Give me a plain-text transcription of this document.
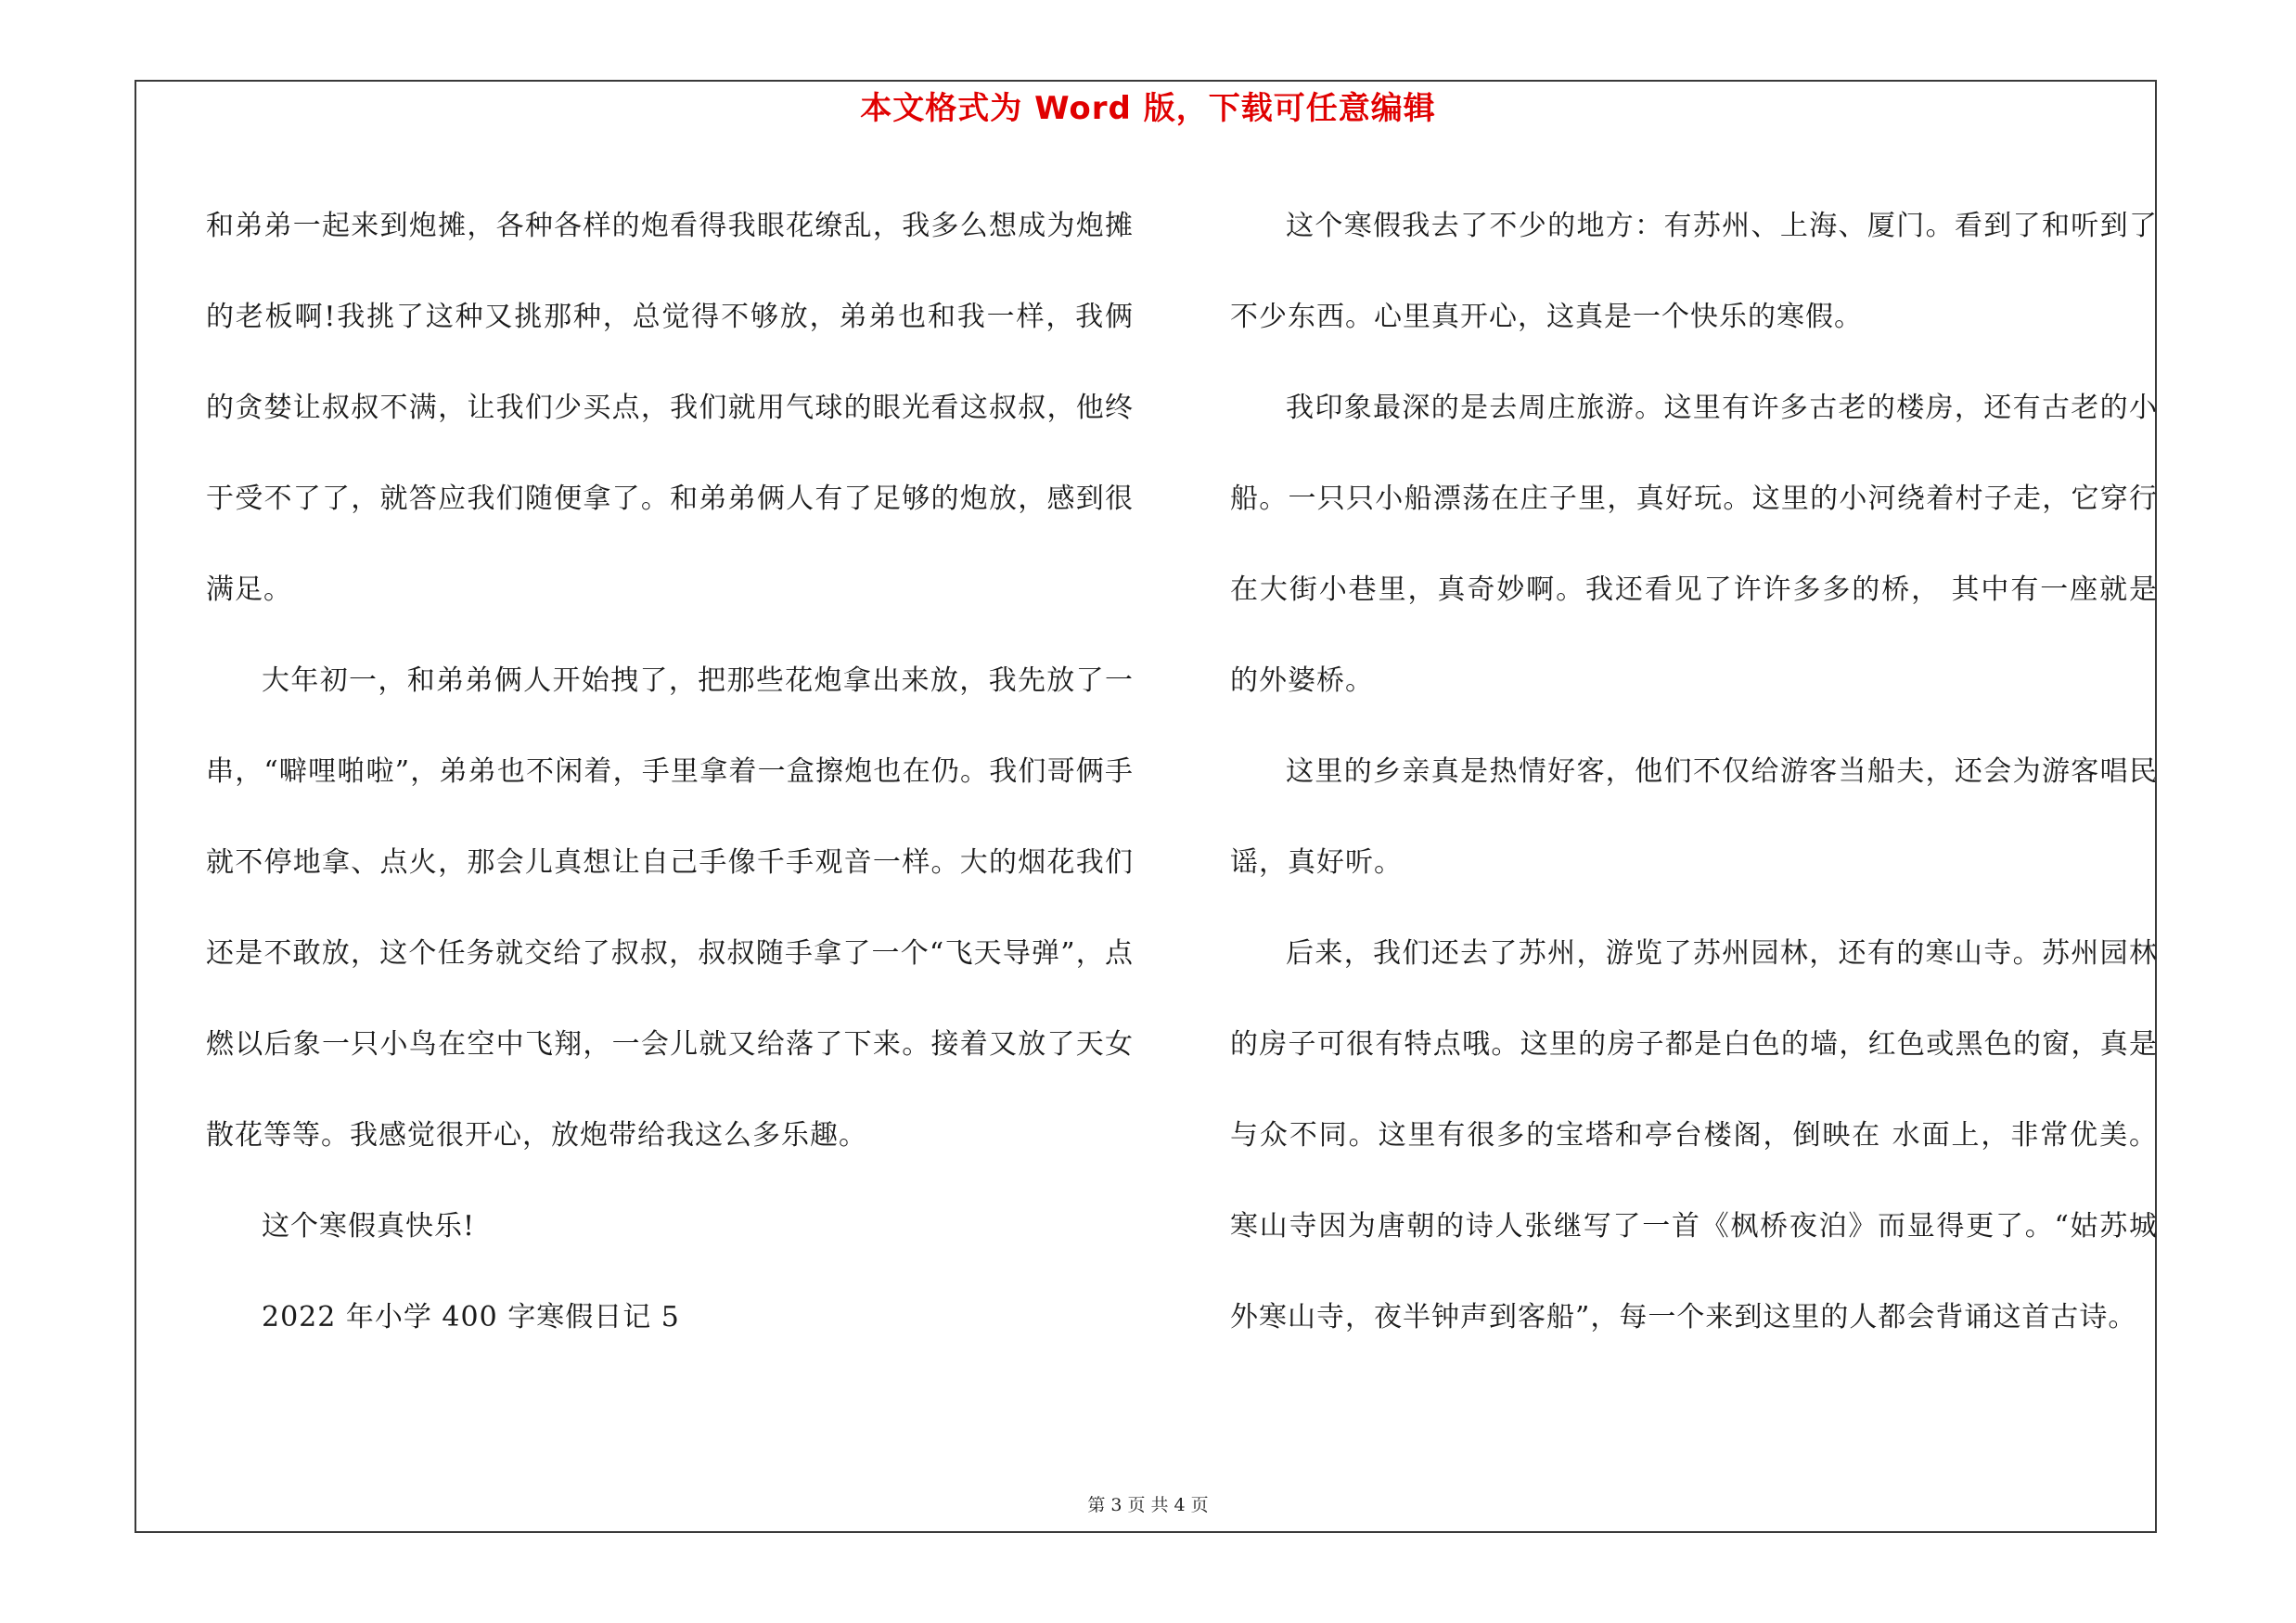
本文格式为 Word 版，下载可任意编辑

和弟弟一起来到炮摊，各种各样的炮看得我眼花缭乱，我多么想成为炮摊的老板啊!我挑了这种又挑那种，总觉得不够放，弟弟也和我一样，我俩的贪婪让叔叔不满，让我们少买点，我们就用气球的眼光看这叔叔，他终于受不了了，就答应我们随便拿了。和弟弟俩人有了足够的炮放，感到很满足。

大年初一，和弟弟俩人开始拽了，把那些花炮拿出来放，我先放了一串，“噼哩啪啦”，弟弟也不闲着，手里拿着一盒擦炮也在仍。我们哥俩手就不停地拿、点火，那会儿真想让自己手像千手观音一样。大的烟花我们还是不敢放，这个任务就交给了叔叔，叔叔随手拿了一个“飞天导弹”，点燃以后象一只小鸟在空中飞翔，一会儿就又给落了下来。接着又放了天女散花等等。我感觉很开心，放炮带给我这么多乐趣。

这个寒假真快乐!

2022 年小学 400 字寒假日记 5

这个寒假我去了不少的地方：有苏州、上海、厦门。看到了和听到了不少东西。心里真开心，这真是一个快乐的寒假。

我印象最深的是去周庄旅游。这里有许多古老的楼房，还有古老的小船。一只只小船漂荡在庄子里，真好玩。这里的小河绕着村子走，它穿行在大街小巷里，真奇妙啊。我还看见了许许多多的桥， 其中有一座就是的外婆桥。

这里的乡亲真是热情好客，他们不仅给游客当船夫，还会为游客唱民谣，真好听。

后来，我们还去了苏州，游览了苏州园林，还有的寒山寺。苏州园林的房子可很有特点哦。这里的房子都是白色的墙，红色或黑色的窗，真是与众不同。这里有很多的宝塔和亭台楼阁，倒映在 水面上，非常优美。寒山寺因为唐朝的诗人张继写了一首《枫桥夜泊》而显得更了。“姑苏城外寒山寺，夜半钟声到客船”，每一个来到这里的人都会背诵这首古诗。

第 3 页 共 4 页
